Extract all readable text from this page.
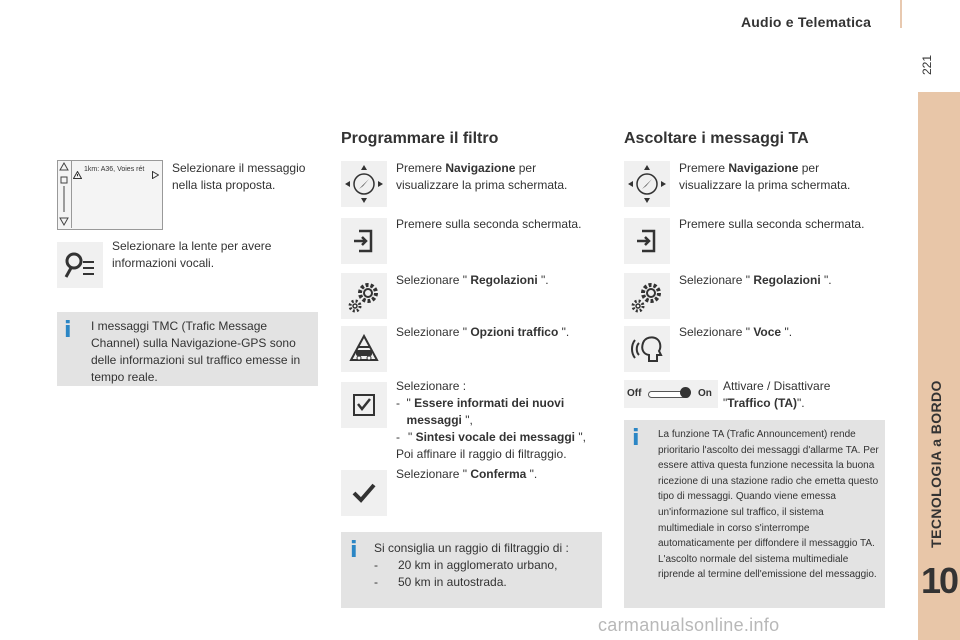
Audio e Telematica
221
TECNOLOGIA a BORDO
10
1km: A36, Voies rét Selezionare il messaggio nella lista proposta.
Selezionare la lente per avere informazioni vocali.
i I messaggi TMC (Trafic Message Channel) sulla Navigazione-GPS sono delle informazioni sul traffico emesse in tempo reale.
Programmare il filtro
Premere Navigazione per visualizzare la prima schermata.
Premere sulla seconda schermata.
Selezionare " Regolazioni ".
Selezionare " Opzioni traffico ".
Selezionare :
- " Essere informati dei nuovi messaggi ",
- " Sintesi vocale dei messaggi ",
Poi affinare il raggio di filtraggio.
Selezionare " Conferma ".
i Si consiglia un raggio di filtraggio di :
-	20 km in agglomerato urbano,
-	50 km in autostrada.
Ascoltare i messaggi TA
Premere Navigazione per visualizzare la prima schermata.
Premere sulla seconda schermata.
Selezionare " Regolazioni ".
Selezionare " Voce ".
Off	On
Attivare / Disattivare
"Traffico (TA)".
i La funzione TA (Trafic Announcement) rende prioritario l'ascolto dei messaggi d'allarme TA. Per essere attiva questa funzione necessita la buona ricezione di una stazione radio che emetta questo tipo di messaggi. Quando viene emessa un'informazione sul traffico, il sistema multimediale in corso s'interrompe automaticamente per diffondere il messaggio TA. L'ascolto normale del sistema multimediale riprende al termine dell'emissione del messaggio.
carmanualsonline.info
